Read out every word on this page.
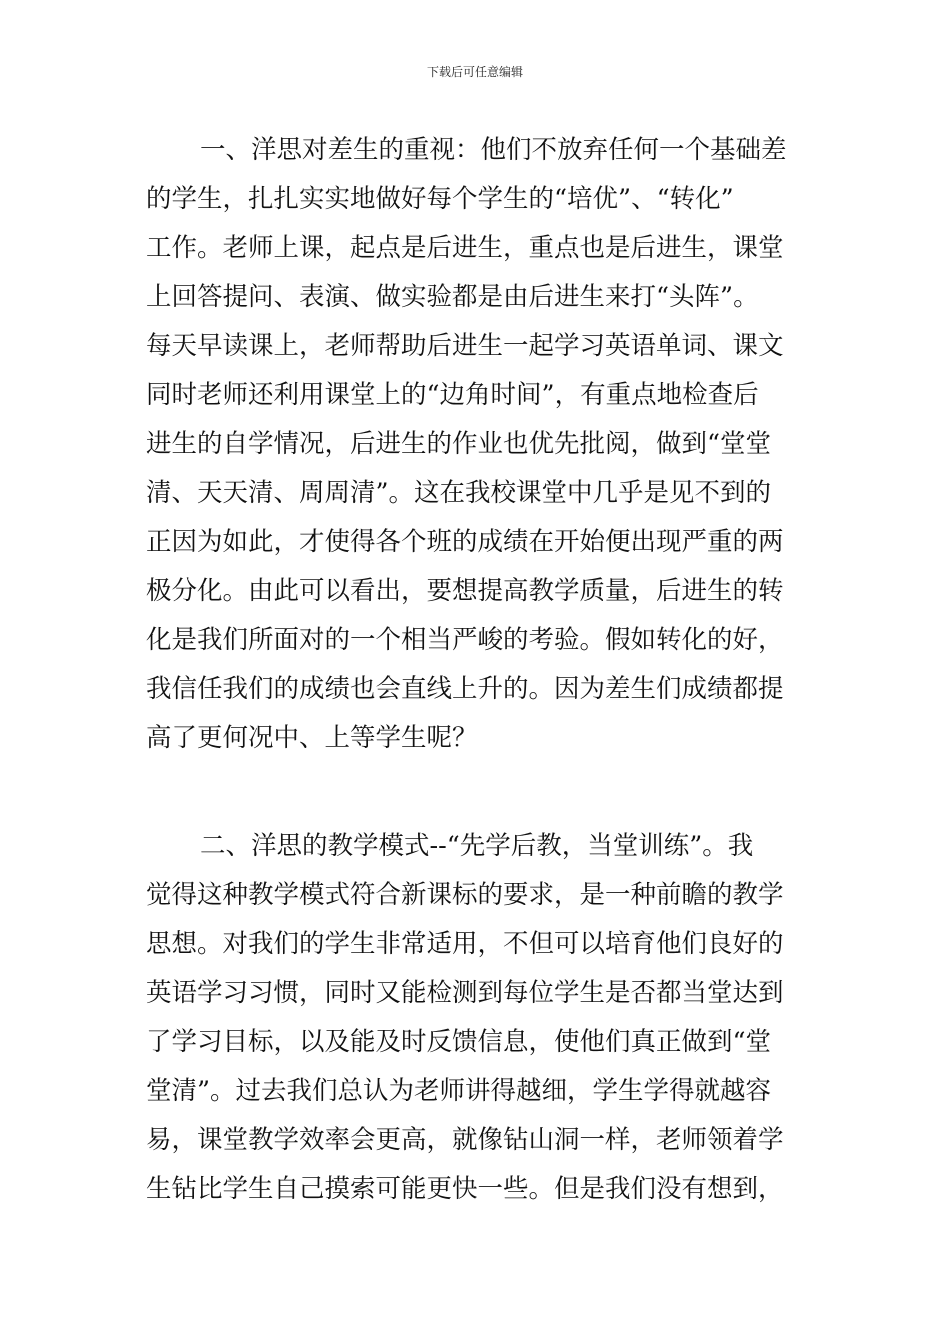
下载后可任意编辑
一、洋思对差生的重视：他们不放弃任何一个基础差
的学生，扎扎实实地做好每个学生的“培优”、“转化”
工作。老师上课，起点是后进生，重点也是后进生，课堂
上回答提问、表演、做实验都是由后进生来打“头阵”。
每天早读课上，老师帮助后进生一起学习英语单词、课文
同时老师还利用课堂上的“边角时间”，有重点地检查后
进生的自学情况，后进生的作业也优先批阅，做到“堂堂
清、天天清、周周清”。这在我校课堂中几乎是见不到的
正因为如此，才使得各个班的成绩在开始便出现严重的两
极分化。由此可以看出，要想提高教学质量，后进生的转
化是我们所面对的一个相当严峻的考验。假如转化的好，
我信任我们的成绩也会直线上升的。因为差生们成绩都提
高了更何况中、上等学生呢？
二、洋思的教学模式--“先学后教，当堂训练”。我
觉得这种教学模式符合新课标的要求，是一种前瞻的教学
思想。对我们的学生非常适用，不但可以培育他们良好的
英语学习习惯，同时又能检测到每位学生是否都当堂达到
了学习目标，以及能及时反馈信息，使他们真正做到“堂
堂清”。过去我们总认为老师讲得越细，学生学得就越容
易，课堂教学效率会更高，就像钻山洞一样，老师领着学
生钻比学生自己摸索可能更快一些。但是我们没有想到，
